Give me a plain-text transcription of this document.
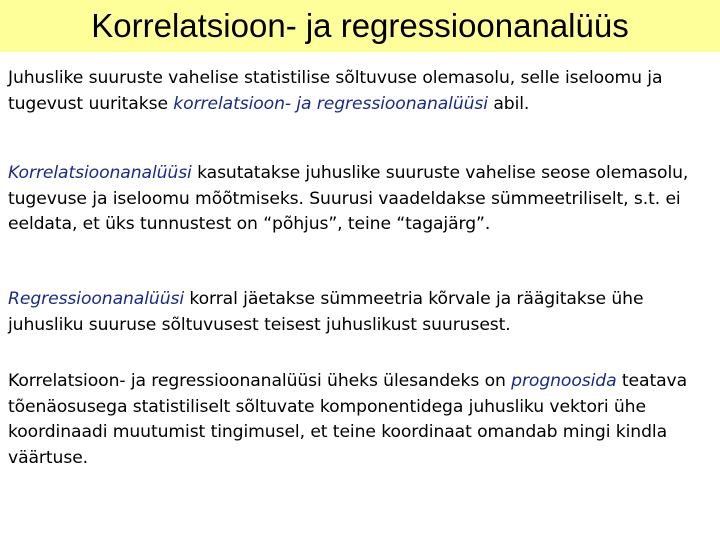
Korrelatsioon- ja regressioonanalüüs

Juhuslike suuruste vahelise statistilise sõltuvuse olemasolu, selle iseloomu ja tugevust uuritakse korrelatsioon- ja regressioonanalüüsi abil.

Korrelatsioonanalüüsi kasutatakse juhuslike suuruste vahelise seose olemasolu, tugevuse ja iseloomu mõõtmiseks. Suurusi vaadeldakse sümmeetriliselt, s.t. ei eeldata, et üks tunnustest on “põhjus”, teine “tagajärg”.

Regressioonanalüüsi korral jäetakse sümmeetria kõrvale ja räägitakse ühe juhusliku suuruse sõltuvusest teisest juhuslikust suurusest.

Korrelatsioon- ja regressioonanalüüsi üheks ülesandeks on prognoosida teatava tõenäosusega statistiliselt sõltuvate komponentidega juhusliku vektori ühe koordinaadi muutumist tingimusel, et teine koordinaat omandab mingi kindla väärtuse.
